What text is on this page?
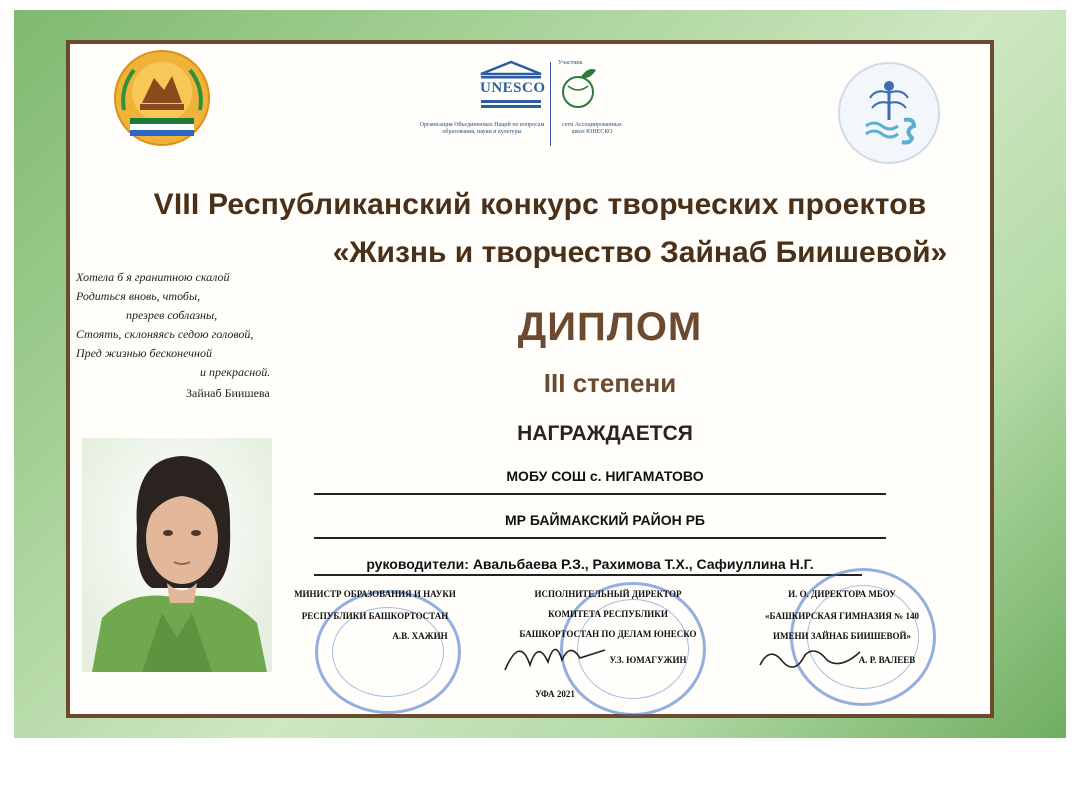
UNESCO
Участник
Организация Объединенных Наций по вопросам образования, науки и культуры
сети Ассоциированных школ ЮНЕСКО
VIII Республиканский конкурс творческих проектов
«Жизнь и творчество Зайнаб Биишевой»
Хотела б я гранитною скалой
Родиться вновь, чтобы,
презрев соблазны,
Стоять, склоняясь седою головой,
Пред жизнью бесконечной
и прекрасной.
Зайнаб Биишева
ДИПЛОМ
III степени
НАГРАЖДАЕТСЯ
МОБУ СОШ с. НИГАМАТОВО
МР БАЙМАКСКИЙ РАЙОН РБ
руководители: Авальбаева Р.З., Рахимова Т.Х., Сафиуллина Н.Г.
МИНИСТР ОБРАЗОВАНИЯ И НАУКИ
РЕСПУБЛИКИ БАШКОРТОСТАН
А.В. ХАЖИН
ИСПОЛНИТЕЛЬНЫЙ ДИРЕКТОР
КОМИТЕТА РЕСПУБЛИКИ
БАШКОРТОСТАН ПО ДЕЛАМ ЮНЕСКО
У.З. ЮМАГУЖИН
И. О. ДИРЕКТОРА МБОУ
«БАШКИРСКАЯ ГИМНАЗИЯ № 140
ИМЕНИ ЗАЙНАБ БИИШЕВОЙ»
А. Р. ВАЛЕЕВ
УФА 2021
